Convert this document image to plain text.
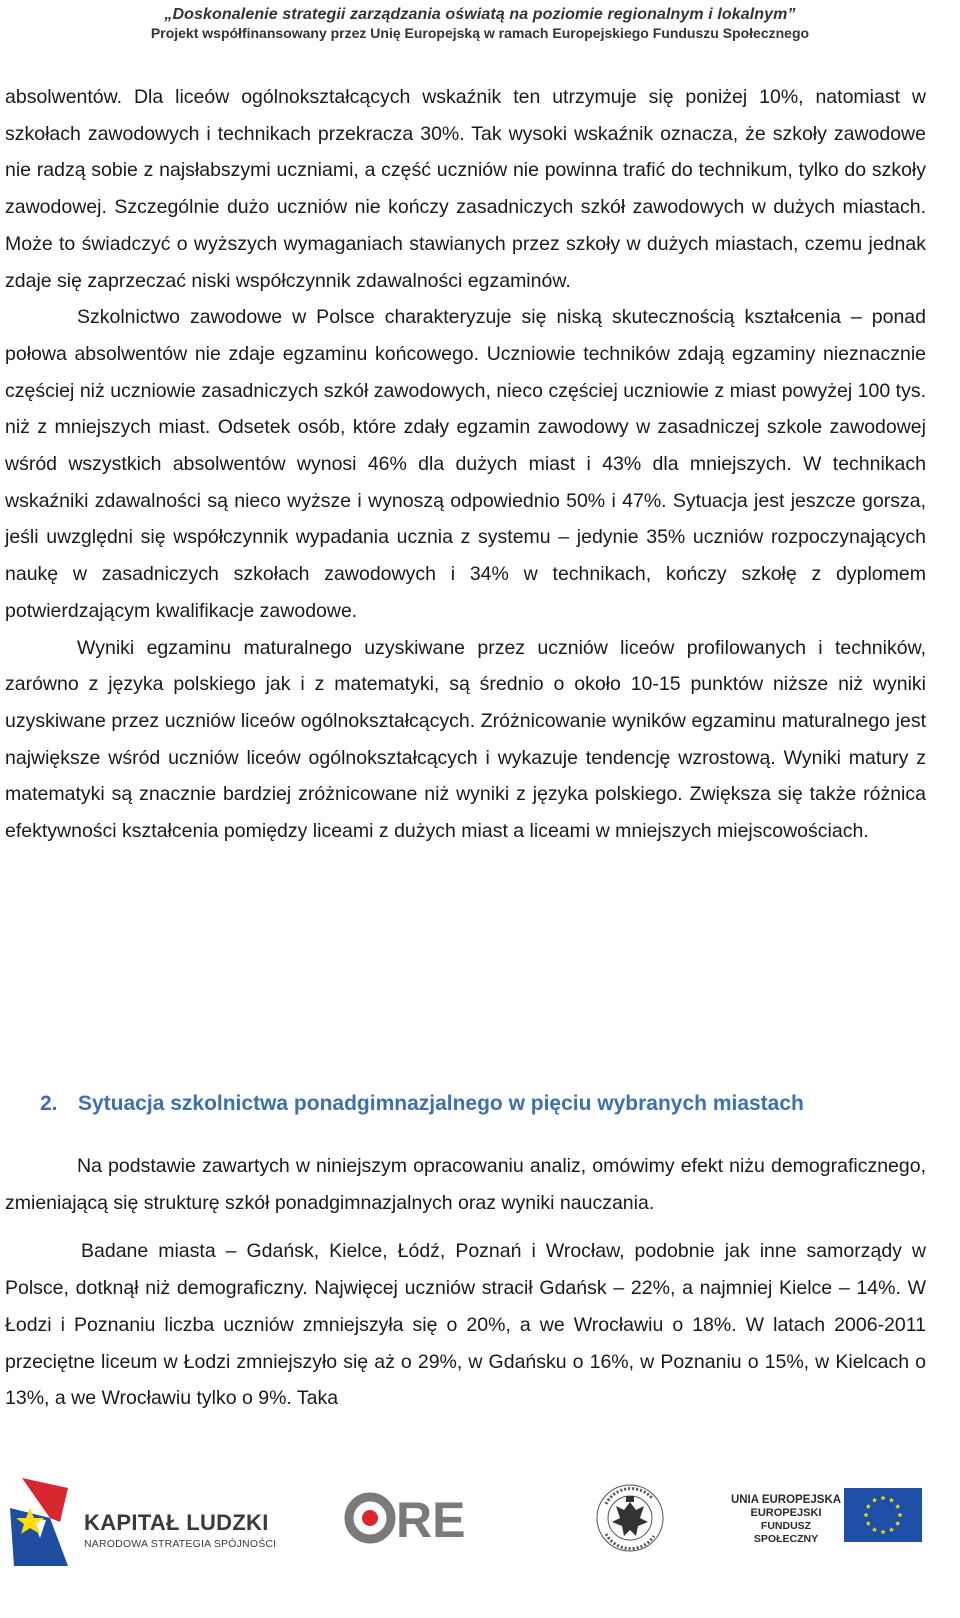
„Doskonalenie strategii zarządzania oświatą na poziomie regionalnym i lokalnym”
Projekt współfinansowany przez Unię Europejską w ramach Europejskiego Funduszu Społecznego

absolwentów. Dla liceów ogólnokształcących wskaźnik ten utrzymuje się poniżej 10%, natomiast w szkołach zawodowych i technikach przekracza 30%. Tak wysoki wskaźnik oznacza, że szkoły zawodowe nie radzą sobie z najsłabszymi uczniami, a część uczniów nie powinna trafić do technikum, tylko do szkoły zawodowej. Szczególnie dużo uczniów nie kończy zasadniczych szkół zawodowych w dużych miastach. Może to świadczyć o wyższych wymaganiach stawianych przez szkoły w dużych miastach, czemu jednak zdaje się zaprzeczać niski współczynnik zdawalności egzaminów.

Szkolnictwo zawodowe w Polsce charakteryzuje się niską skutecznością kształcenia – ponad połowa absolwentów nie zdaje egzaminu końcowego. Uczniowie techników zdają egzaminy nieznacznie częściej niż uczniowie zasadniczych szkół zawodowych, nieco częściej uczniowie z miast powyżej 100 tys. niż z mniejszych miast. Odsetek osób, które zdały egzamin zawodowy w zasadniczej szkole zawodowej wśród wszystkich absolwentów wynosi 46% dla dużych miast i 43% dla mniejszych. W technikach wskaźniki zdawalności są nieco wyższe i wynoszą odpowiednio 50% i 47%. Sytuacja jest jeszcze gorsza, jeśli uwzględni się współczynnik wypadania ucznia z systemu – jedynie 35% uczniów rozpoczynających naukę w zasadniczych szkołach zawodowych i 34% w technikach, kończy szkołę z dyplomem potwierdzającym kwalifikacje zawodowe.

Wyniki egzaminu maturalnego uzyskiwane przez uczniów liceów profilowanych i techników, zarówno z języka polskiego jak i z matematyki, są średnio o około 10-15 punktów niższe niż wyniki uzyskiwane przez uczniów liceów ogólnokształcących. Zróżnicowanie wyników egzaminu maturalnego jest największe wśród uczniów liceów ogólnokształcących i wykazuje tendencję wzrostową. Wyniki matury z matematyki są znacznie bardziej zróżnicowane niż wyniki z języka polskiego. Zwiększa się także różnica efektywności kształcenia pomiędzy liceami z dużych miast a liceami w mniejszych miejscowościach.

2. Sytuacja szkolnictwa ponadgimnazjalnego w pięciu wybranych miastach

Na podstawie zawartych w niniejszym opracowaniu analiz, omówimy efekt niżu demograficznego, zmieniającą się strukturę szkół ponadgimnazjalnych oraz wyniki nauczania.

Badane miasta – Gdańsk, Kielce, Łódź, Poznań i Wrocław, podobnie jak inne samorządy w Polsce, dotknął niż demograficzny. Najwięcej uczniów stracił Gdańsk – 22%, a najmniej Kielce – 14%. W Łodzi i Poznaniu liczba uczniów zmniejszyła się o 20%, a we Wrocławiu o 18%. W latach 2006-2011 przeciętne liceum w Łodzi zmniejszyło się aż o 29%, w Gdańsku o 16%, w Poznaniu o 15%, w Kielcach o 13%, a we Wrocławiu tylko o 9%. Taka

KAPITAŁ LUDZKI
NARODOWA STRATEGIA SPÓJNOŚCI RE	UNIA EUROPEJSKA
EUROPEJSKI
FUNDUSZ SPOŁECZNY
